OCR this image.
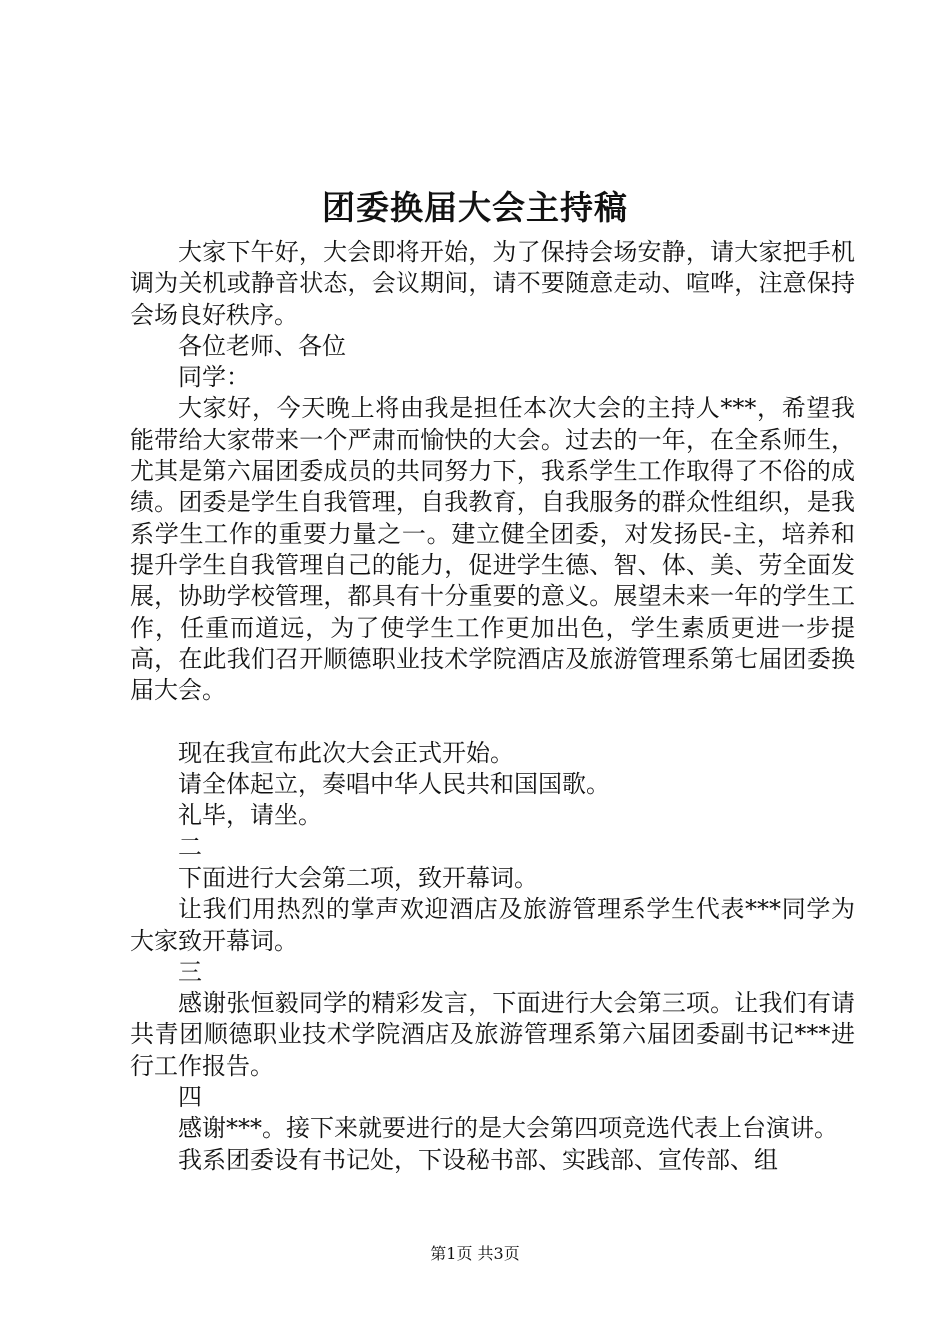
团委换届大会主持稿

大家下午好，大会即将开始，为了保持会场安静，请大家把手机调为关机或静音状态，会议期间，请不要随意走动、喧哗，注意保持会场良好秩序。

各位老师、各位

同学：

大家好，今天晚上将由我是担任本次大会的主持人***，希望我能带给大家带来一个严肃而愉快的大会。过去的一年，在全系师生，尤其是第六届团委成员的共同努力下，我系学生工作取得了不俗的成绩。团委是学生自我管理，自我教育，自我服务的群众性组织，是我系学生工作的重要力量之一。建立健全团委，对发扬民-主，培养和提升学生自我管理自己的能力，促进学生德、智、体、美、劳全面发展，协助学校管理，都具有十分重要的意义。展望未来一年的学生工作，任重而道远，为了使学生工作更加出色，学生素质更进一步提高，在此我们召开顺德职业技术学院酒店及旅游管理系第七届团委换届大会。

现在我宣布此次大会正式开始。

请全体起立，奏唱中华人民共和国国歌。

礼毕，请坐。

二

下面进行大会第二项，致开幕词。

让我们用热烈的掌声欢迎酒店及旅游管理系学生代表***同学为大家致开幕词。

三

感谢张恒毅同学的精彩发言，下面进行大会第三项。让我们有请共青团顺德职业技术学院酒店及旅游管理系第六届团委副书记***进行工作报告。

四

感谢***。接下来就要进行的是大会第四项竞选代表上台演讲。

我系团委设有书记处，下设秘书部、实践部、宣传部、组

第1页 共3页
